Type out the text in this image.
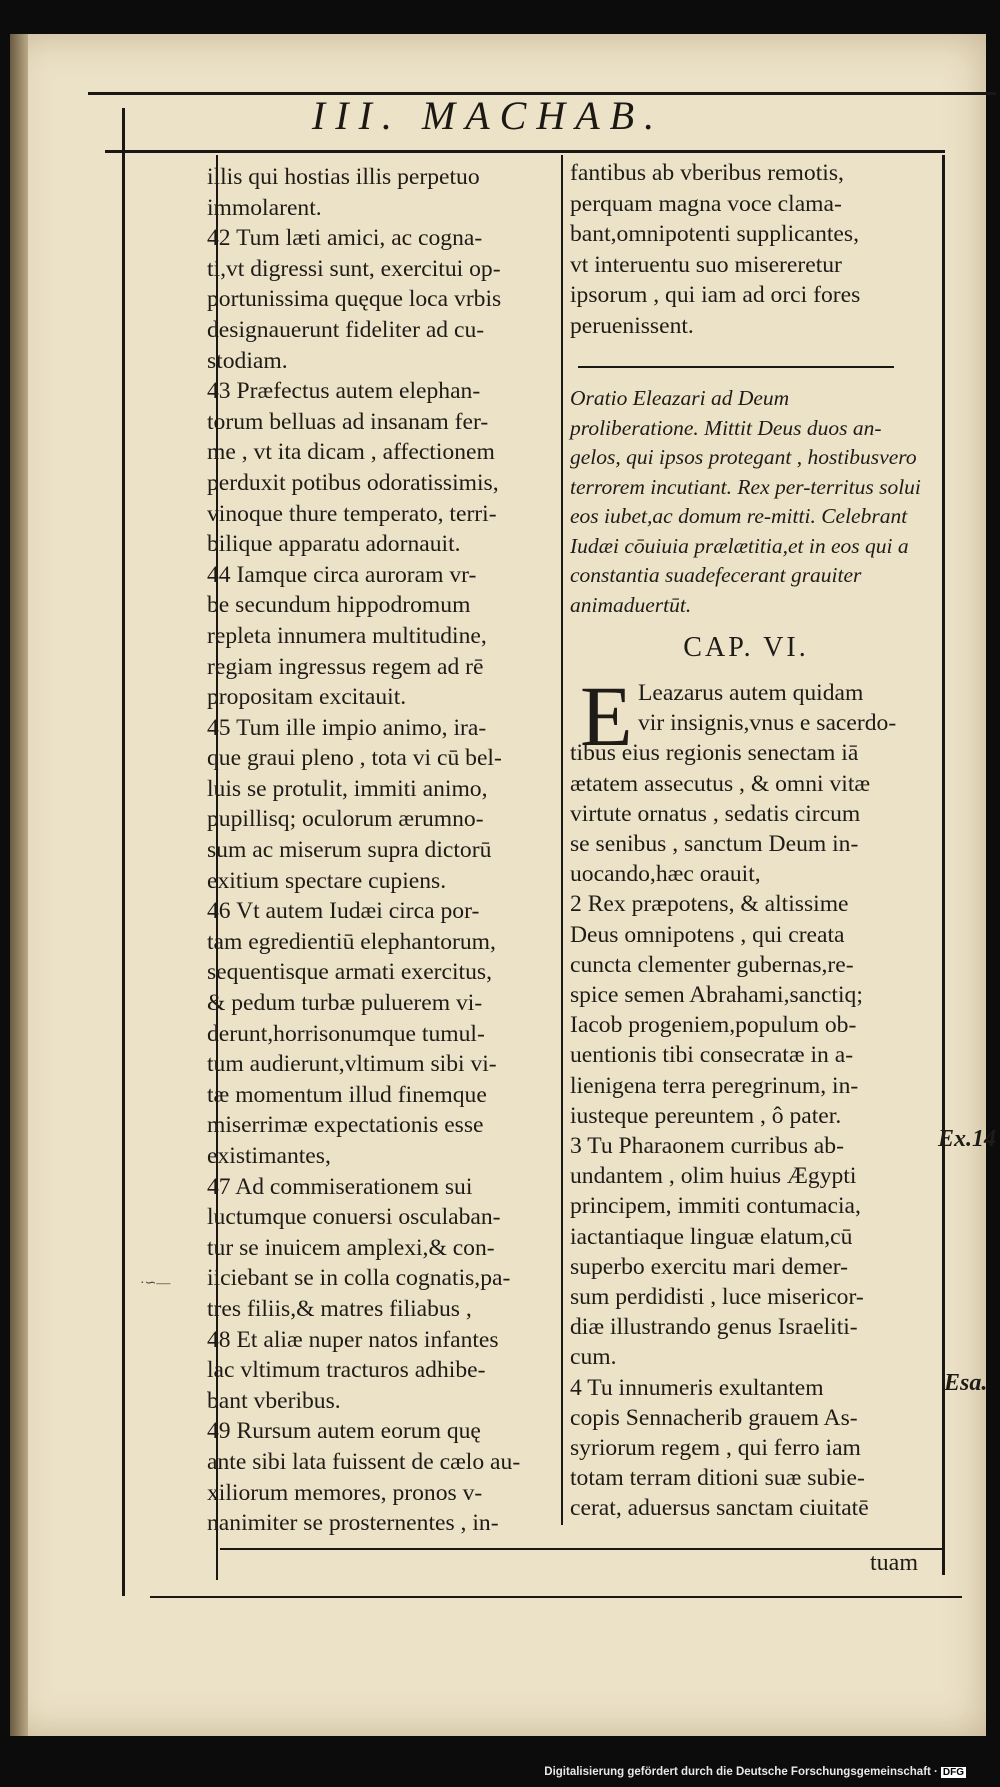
III. MACHAB.
illis qui hostias illis perpetuo
immolarent.
42 Tum læti amici, ac cogna-
ti,vt digressi sunt, exercitui op-
portunissima quęque loca vrbis
designauerunt fideliter ad cu-
stodiam.
43 Præfectus autem elephan-
torum belluas ad insanam fer-
me , vt ita dicam , affectionem
perduxit potibus odoratissimis,
vinoque thure temperato, terri-
bilique apparatu adornauit.
44 Iamque circa auroram vr-
be secundum hippodromum
repleta innumera multitudine,
regiam ingressus regem ad rē
propositam excitauit.
45 Tum ille impio animo, ira-
que graui pleno , tota vi cū bel-
luis se protulit, immiti animo,
pupillisq; oculorum ærumno-
sum ac miserum supra dictorū
exitium spectare cupiens.
46 Vt autem Iudæi circa por-
tam egredientiū elephantorum,
sequentisque armati exercitus,
& pedum turbæ puluerem vi-
derunt,horrisonumque tumul-
tum audierunt,vltimum sibi vi-
tæ momentum illud finemque
miserrimæ expectationis esse
existimantes,
47 Ad commiserationem sui
luctumque conuersi osculaban-
tur se inuicem amplexi,& con-
iiciebant se in colla cognatis,pa-
tres filiis,& matres filiabus ,
48 Et aliæ nuper natos infantes
lac vltimum tracturos adhibe-
bant vberibus.
49 Rursum autem eorum quę
ante sibi lata fuissent de cælo au-
xiliorum memores, pronos v-
nanimiter se prosternentes , in-
fantibus ab vberibus remotis,
perquam magna voce clama-
bant,omnipotenti supplicantes,
vt interuentu suo misereretur
ipsorum , qui iam ad orci fores
peruenissent.
Oratio Eleazari ad Deum proliberatione. Mittit Deus duos an-gelos, qui ipsos protegant , hostibusvero terrorem incutiant. Rex per-territus solui eos iubet,ac domum re-mitti. Celebrant Iudæi cōuiuia prælætitia,et in eos qui a constantia suadefecerant grauiter animaduertūt.
CAP. VI.
E Leazarus autem quidam
vir insignis,vnus e sacerdo-
tibus eius regionis senectam iā
ætatem assecutus , & omni vitæ
virtute ornatus , sedatis circum
se senibus , sanctum Deum in-
uocando,hæc orauit,
2 Rex præpotens, & altissime
Deus omnipotens , qui creata
cuncta clementer gubernas,re-
spice semen Abrahami,sanctiq;
Iacob progeniem,populum ob-
uentionis tibi consecratæ in a-
lienigena terra peregrinum, in-
iusteque pereuntem , ô pater.
3 Tu Pharaonem curribus ab-
undantem , olim huius Ægypti
principem, immiti contumacia,
iactantiaque linguæ elatum,cū
superbo exercitu mari demer-
sum perdidisti , luce misericor-
diæ illustrando genus Israeliti-
cum.
4 Tu innumeris exultantem
copis Sennacherib grauem As-
syriorum regem , qui ferro iam
totam terram ditioni suæ subie-
cerat, aduersus sanctam ciuitatē
Ex.14
Esa.
·∽—
tuam
Digitalisierung gefördert durch die Deutsche Forschungsgemeinschaft · DFG
